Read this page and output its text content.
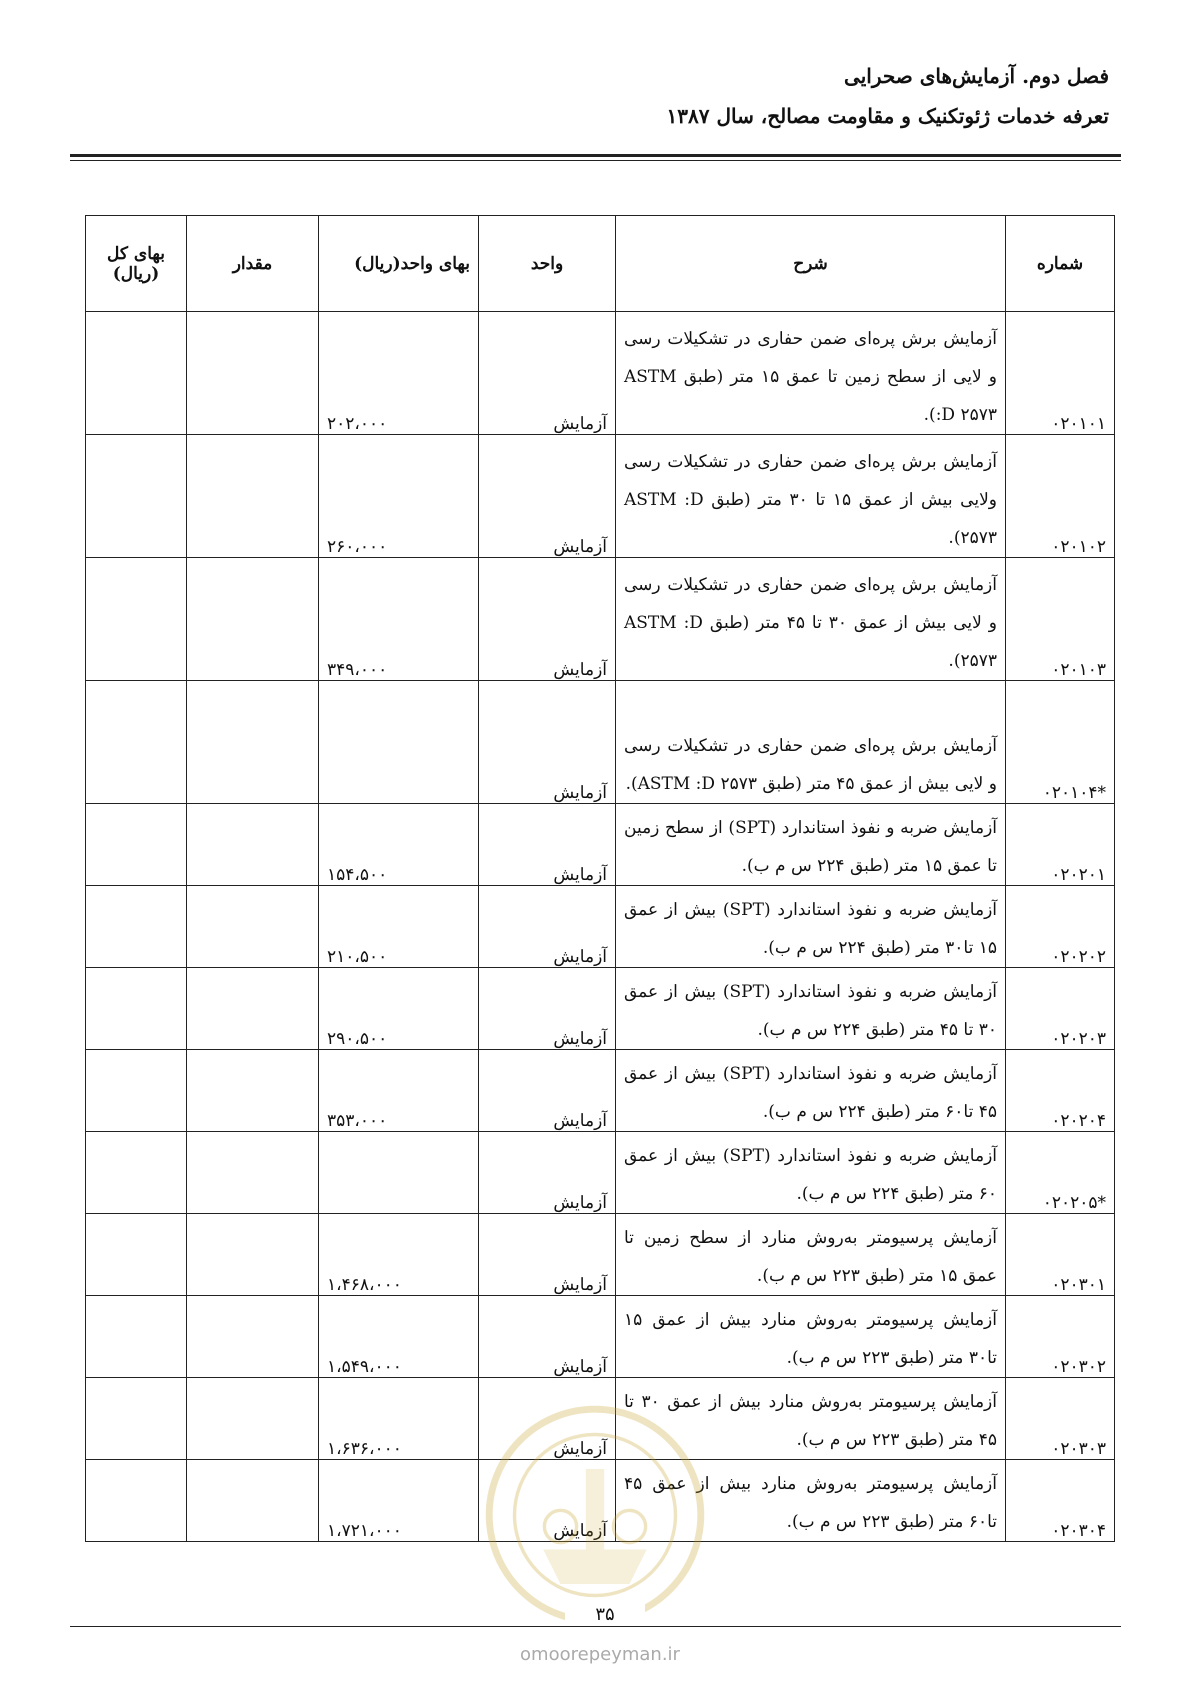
فصل دوم. آزمایش‌های صحرایی
تعرفه خدمات ژئوتکنیک و مقاومت مصالح، سال ۱۳۸۷
شماره	شرح	واحد	بهای واحد(ریال)	مقدار	بهای کل (ریال)
۰۲۰۱۰۱	آزمایش برش پره‌ای ضمن حفاری در تشکیلات رسی و لایی از سطح زمین تا عمق ۱۵ متر (طبق ASTM :D ۲۵۷۳).	آزمایش	۲۰۲،۰۰۰		
۰۲۰۱۰۲	آزمایش برش پره‌ای ضمن حفاری در تشکیلات رسی ولایی بیش از عمق ۱۵ تا ۳۰ متر (طبق ASTM :D ۲۵۷۳).	آزمایش	۲۶۰،۰۰۰		
۰۲۰۱۰۳	آزمایش برش پره‌ای ضمن حفاری در تشکیلات رسی و لایی بیش از عمق ۳۰ تا ۴۵ متر (طبق ASTM :D ۲۵۷۳).	آزمایش	۳۴۹،۰۰۰		
*۰۲۰۱۰۴	آزمایش برش پره‌ای ضمن حفاری در تشکیلات رسی و لایی بیش از عمق ۴۵ متر (طبق ASTM :D ۲۵۷۳).	آزمایش			
۰۲۰۲۰۱	آزمایش ضربه و نفوذ استاندارد (SPT) از سطح زمین تا عمق ۱۵ متر (طبق ۲۲۴ س م ب).	آزمایش	۱۵۴،۵۰۰		
۰۲۰۲۰۲	آزمایش ضربه و نفوذ استاندارد (SPT) بیش از عمق ۱۵ تا۳۰ متر (طبق ۲۲۴ س م ب).	آزمایش	۲۱۰،۵۰۰		
۰۲۰۲۰۳	آزمایش ضربه و نفوذ استاندارد (SPT) بیش از عمق ۳۰ تا ۴۵ متر (طبق ۲۲۴ س م ب).	آزمایش	۲۹۰،۵۰۰		
۰۲۰۲۰۴	آزمایش ضربه و نفوذ استاندارد (SPT) بیش از عمق ۴۵ تا۶۰ متر (طبق ۲۲۴ س م ب).	آزمایش	۳۵۳،۰۰۰		
*۰۲۰۲۰۵	آزمایش ضربه و نفوذ استاندارد (SPT) بیش از عمق ۶۰ متر (طبق ۲۲۴ س م ب).	آزمایش			
۰۲۰۳۰۱	آزمایش پرسیومتر به‌روش منارد از سطح زمین تا عمق ۱۵ متر (طبق ۲۲۳ س م ب).	آزمایش	۱،۴۶۸،۰۰۰		
۰۲۰۳۰۲	آزمایش پرسیومتر به‌روش منارد بیش از عمق ۱۵ تا۳۰ متر (طبق ۲۲۳ س م ب).	آزمایش	۱،۵۴۹،۰۰۰		
۰۲۰۳۰۳	آزمایش پرسیومتر به‌روش منارد بیش از عمق ۳۰ تا ۴۵ متر (طبق ۲۲۳ س م ب).	آزمایش	۱،۶۳۶،۰۰۰		
۰۲۰۳۰۴	آزمایش پرسیومتر به‌روش منارد بیش از عمق ۴۵ تا۶۰ متر (طبق ۲۲۳ س م ب).	آزمایش	۱،۷۲۱،۰۰۰		
۳۵
omoorepeyman.ir
